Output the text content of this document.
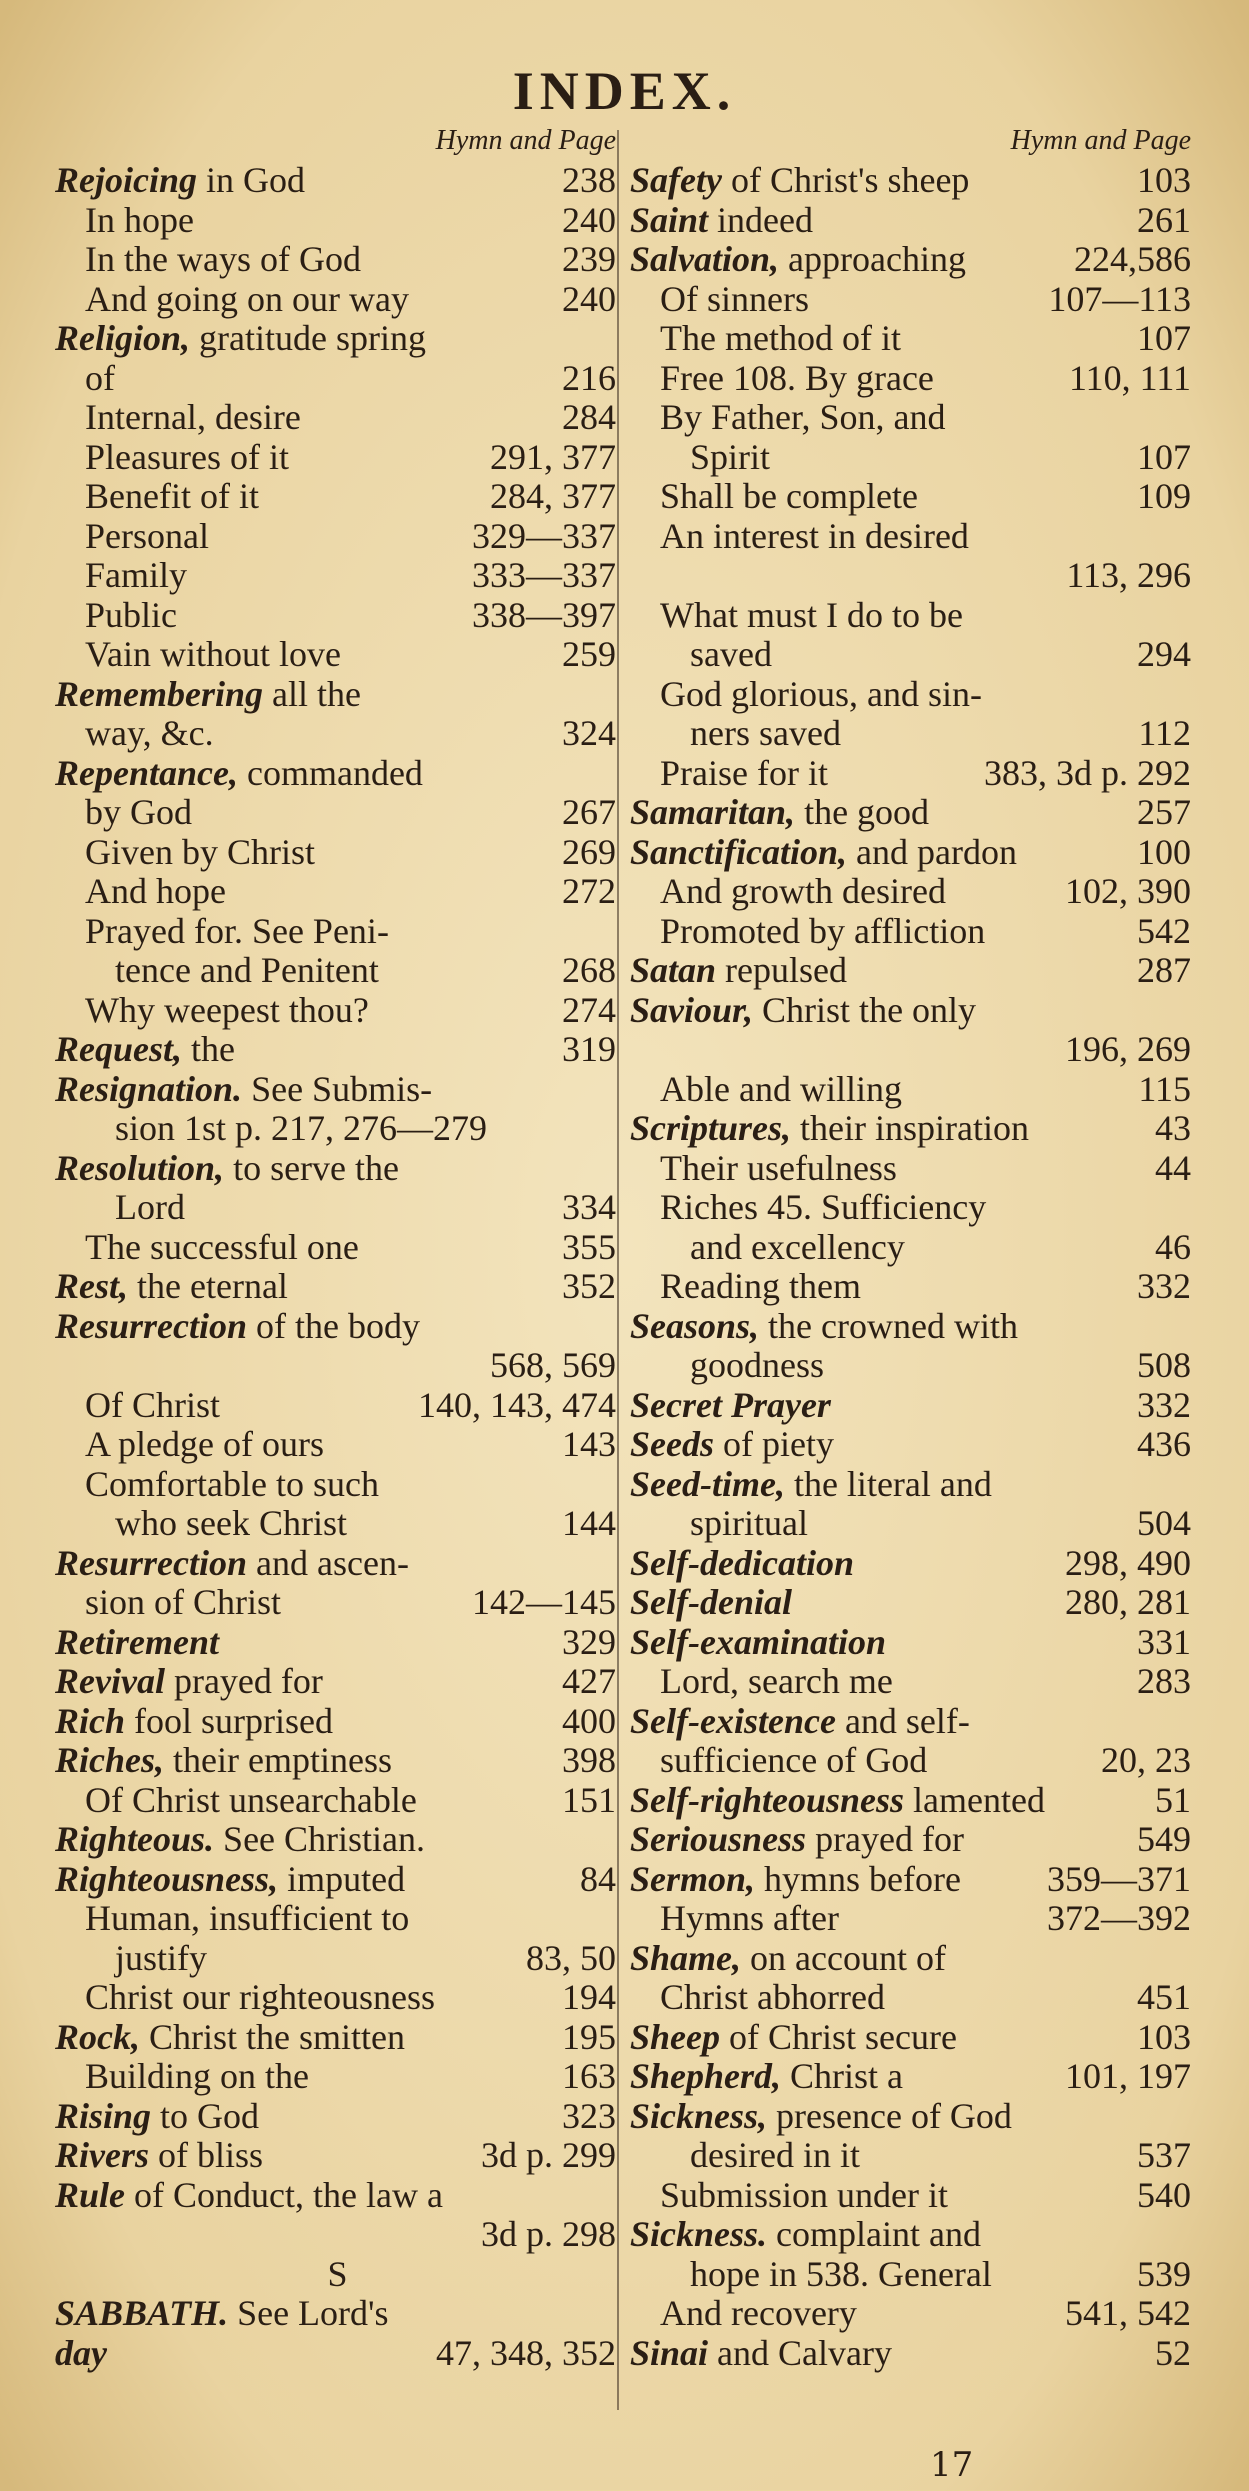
INDEX.
Hymn and Page
Rejoicing in God	238
In hope	240
In the ways of God	239
And going on our way	240
Religion, gratitude spring
of	216
Internal, desire	284
Pleasures of it	291, 377
Benefit of it	284, 377
Personal	329—337
Family	333—337
Public	338—397
Vain without love	259
Remembering all the
way, &c.	324
Repentance, commanded
by God	267
Given by Christ	269
And hope	272
Prayed for. See Peni-
tence and Penitent	268
Why weepest thou?	274
Request, the	319
Resignation. See Submis-
sion 1st p. 217, 276—279
Resolution, to serve the
Lord	334
The successful one	355
Rest, the eternal	352
Resurrection of the body
568, 569
Of Christ	140, 143, 474
A pledge of ours	143
Comfortable to such
who seek Christ	144
Resurrection and ascen-
sion of Christ	142—145
Retirement	329
Revival prayed for	427
Rich fool surprised	400
Riches, their emptiness	398
Of Christ unsearchable	151
Righteous. See Christian.
Righteousness, imputed	84
Human, insufficient to
justify	83, 50
Christ our righteousness	194
Rock, Christ the smitten	195
Building on the	163
Rising to God	323
Rivers of bliss	3d p. 299
Rule of Conduct, the law a
3d p. 298
S
SABBATH. See Lord's
day	47, 348, 352
Hymn and Page
Safety of Christ's sheep	103
Saint indeed	261
Salvation, approaching	224,586
Of sinners	107—113
The method of it	107
Free 108. By grace	110, 111
By Father, Son, and
Spirit	107
Shall be complete	109
An interest in desired
113, 296
What must I do to be
saved	294
God glorious, and sin-
ners saved	112
Praise for it	383, 3d p. 292
Samaritan, the good	257
Sanctification, and pardon	100
And growth desired	102, 390
Promoted by affliction	542
Satan repulsed	287
Saviour, Christ the only
196, 269
Able and willing	115
Scriptures, their inspiration	43
Their usefulness	44
Riches 45. Sufficiency
and excellency	46
Reading them	332
Seasons, the crowned with
goodness	508
Secret Prayer	332
Seeds of piety	436
Seed-time, the literal and
spiritual	504
Self-dedication	298, 490
Self-denial	280, 281
Self-examination	331
Lord, search me	283
Self-existence and self-
sufficience of God	20, 23
Self-righteousness lamented	51
Seriousness prayed for	549
Sermon, hymns before 359—371
Hymns after	372—392
Shame, on account of
Christ abhorred	451
Sheep of Christ secure	103
Shepherd, Christ a	101, 197
Sickness, presence of God
desired in it	537
Submission under it	540
Sickness. complaint and
hope in 538. General	539
And recovery	541, 542
Sinai and Calvary	52
17
